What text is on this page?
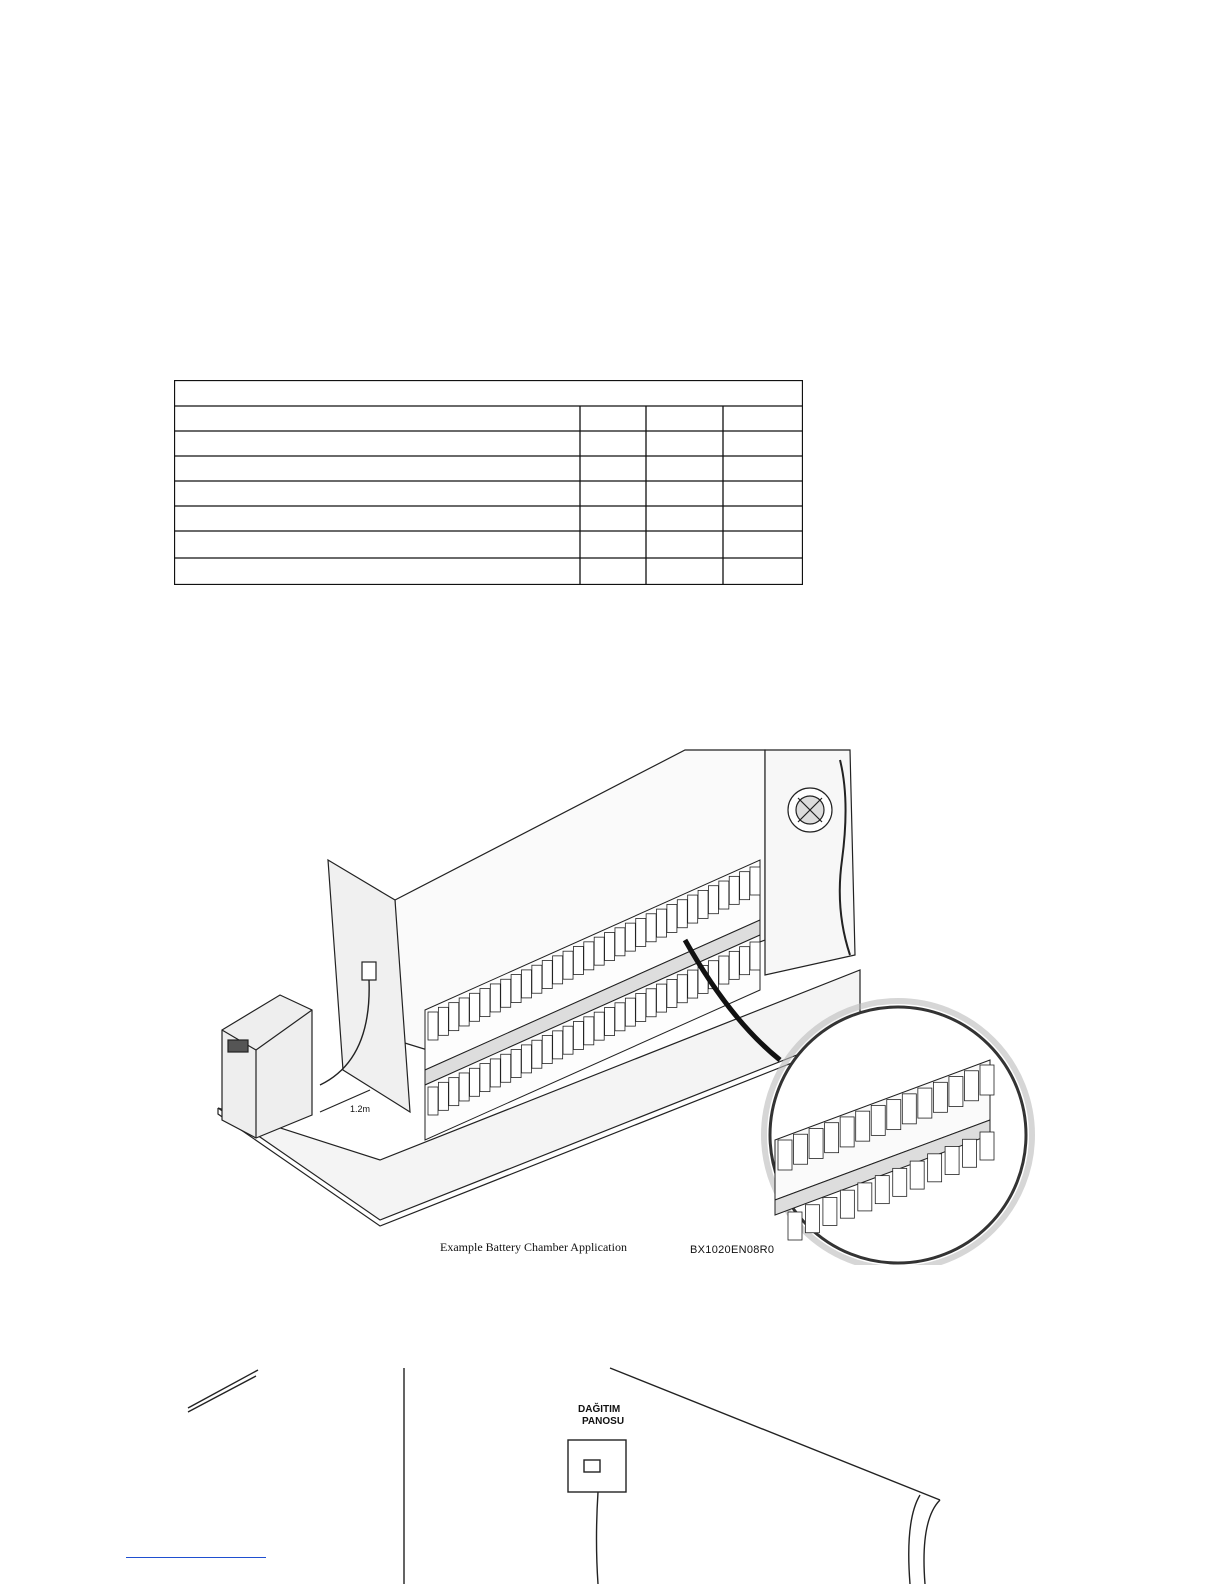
1.2m
Example Battery Chamber Application	BX1020EN08R0
DAĞITIM
PANOSU
